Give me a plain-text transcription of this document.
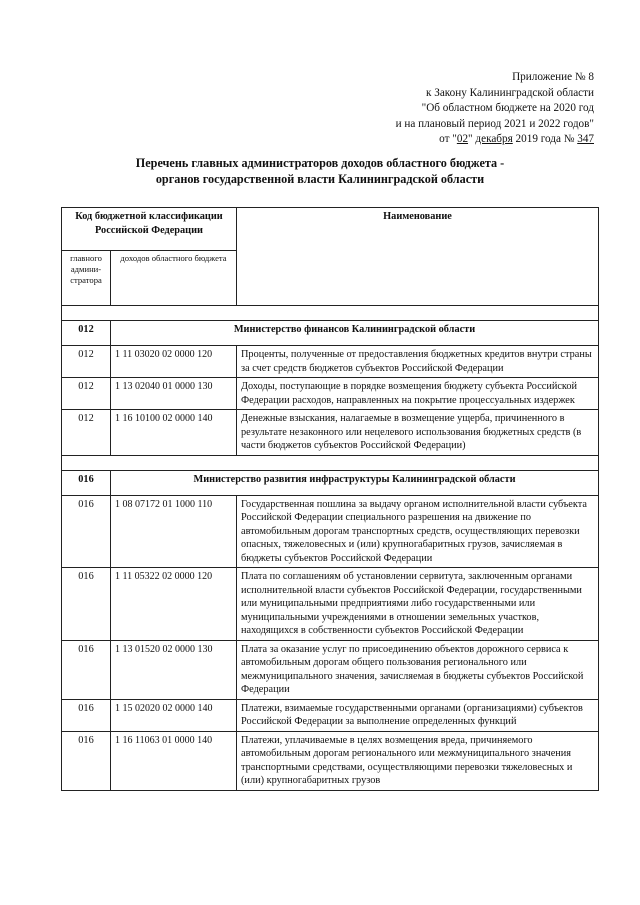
Приложение № 8
к Закону Калининградской области
"Об областном бюджете на 2020 год
и на плановый период 2021 и 2022 годов"
от "02" декабря 2019 года № 347
Перечень главных администраторов доходов областного бюджета -
органов государственной власти Калининградской области
Код бюджетной классификации Российской Федерации		Наименование
главного админи-стратора	доходов областного бюджета	

012	Министерство финансов Калининградской области	
012	1 11 03020 02 0000 120	Проценты, полученные от предоставления бюджетных кредитов внутри страны за счет средств бюджетов субъектов Российской Федерации
012	1 13 02040 01 0000 130	Доходы, поступающие в порядке возмещения бюджету субъекта Российской Федерации расходов, направленных на покрытие процессуальных издержек
012	1 16 10100 02 0000 140	Денежные взыскания, налагаемые в возмещение ущерба, причиненного в результате незаконного или нецелевого использования бюджетных средств (в части бюджетов субъектов Российской Федерации)

016	Министерство развития инфраструктуры Калининградской области	
016	1 08 07172 01 1000 110	Государственная пошлина за выдачу органом исполнительной власти субъекта Российской Федерации специального разрешения на движение по автомобильным дорогам транспортных средств, осуществляющих перевозки опасных, тяжеловесных и (или) крупногабаритных грузов, зачисляемая в бюджеты субъектов Российской Федерации
016	1 11 05322 02 0000 120	Плата по соглашениям об установлении сервитута, заключенным органами исполнительной власти субъектов Российской Федерации, государственными или муниципальными предприятиями либо государственными или муниципальными учреждениями в отношении земельных участков, находящихся в собственности субъектов Российской Федерации
016	1 13 01520 02 0000 130	Плата за оказание услуг по присоединению объектов дорожного сервиса к автомобильным дорогам общего пользования регионального или межмуниципального значения, зачисляемая в бюджеты субъектов Российской Федерации
016	1 15 02020 02 0000 140	Платежи, взимаемые государственными органами (организациями) субъектов Российской Федерации за выполнение определенных функций
016	1 16 11063 01 0000 140	Платежи, уплачиваемые в целях возмещения вреда, причиняемого автомобильным дорогам регионального или межмуниципального значения транспортными средствами, осуществляющими перевозки тяжеловесных и (или) крупногабаритных грузов
